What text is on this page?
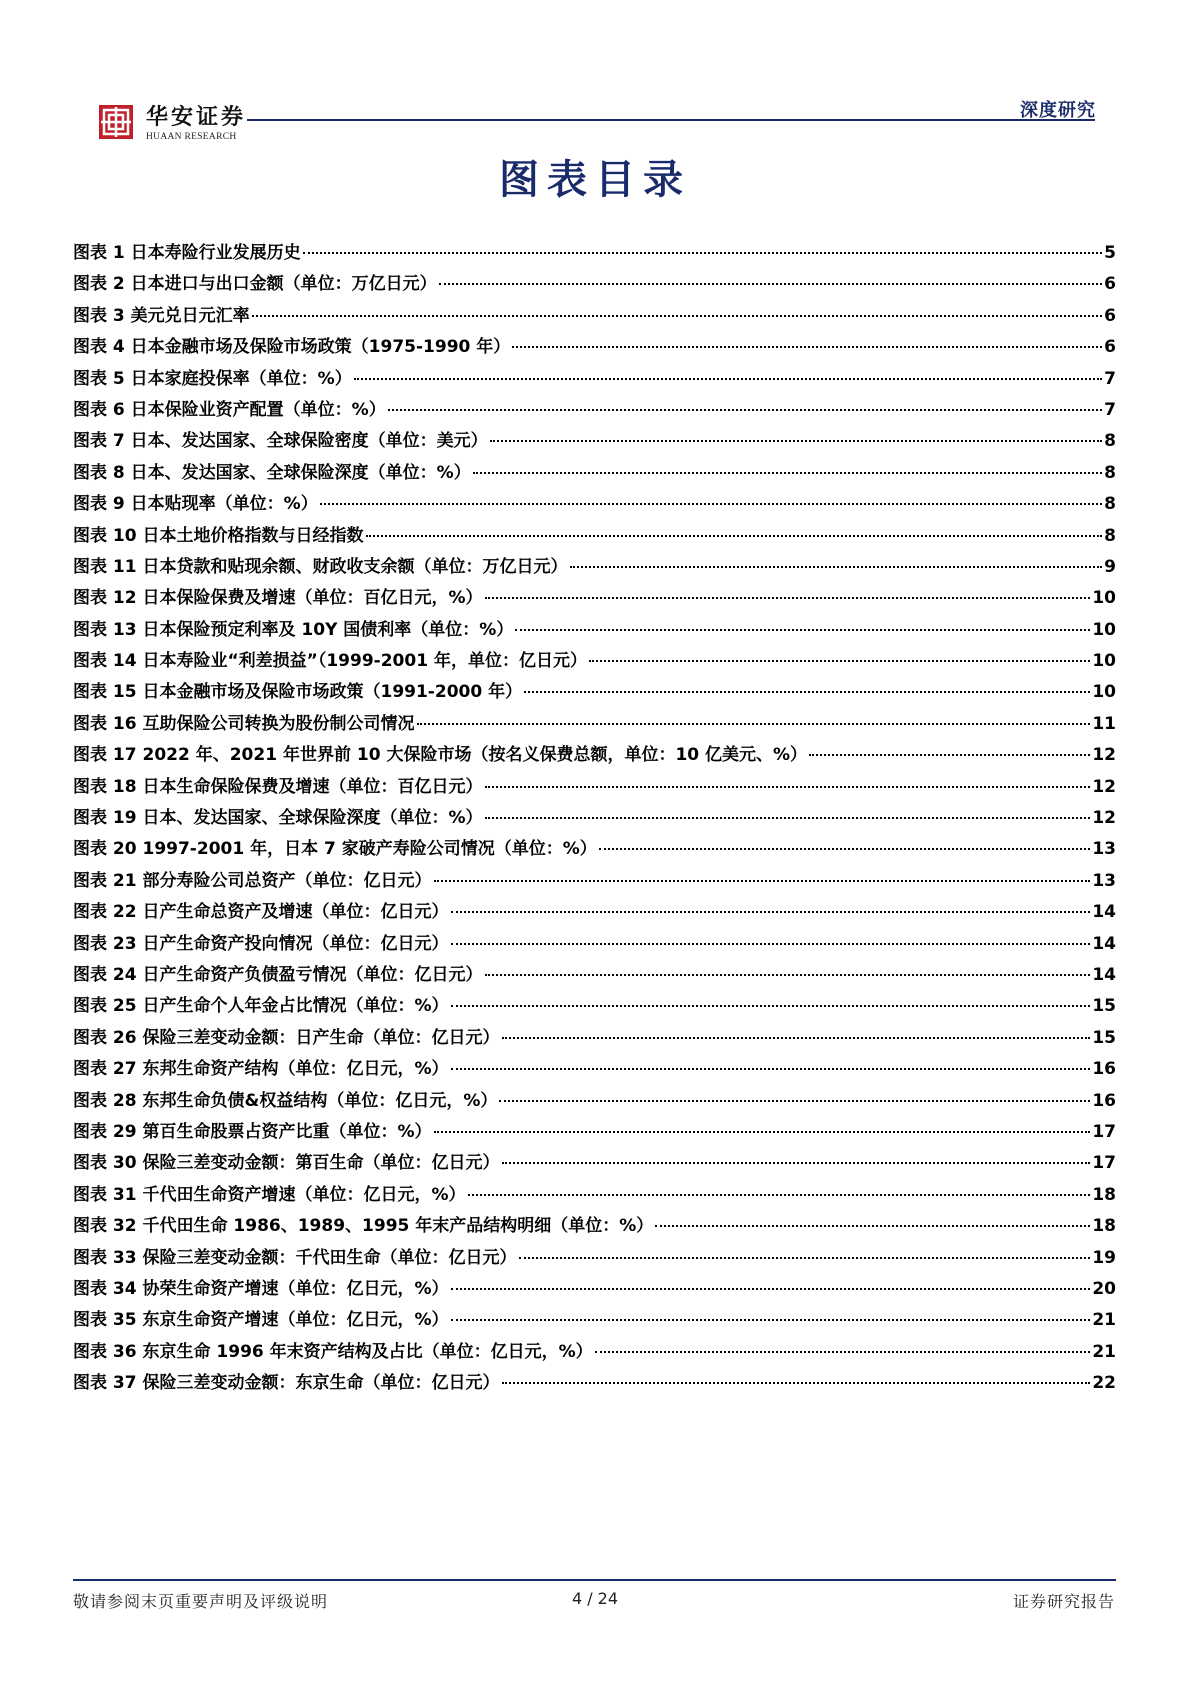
华安证券
HUAAN RESEARCH
深度研究
图表目录
图表 1 日本寿险行业发展历史	5
图表 2 日本进口与出口金额（单位：万亿日元）	6
图表 3 美元兑日元汇率	6
图表 4 日本金融市场及保险市场政策（1975-1990 年）	6
图表 5 日本家庭投保率（单位：%）	7
图表 6 日本保险业资产配置（单位：%）	7
图表 7 日本、发达国家、全球保险密度（单位：美元）	8
图表 8 日本、发达国家、全球保险深度（单位：%）	8
图表 9 日本贴现率（单位：%）	8
图表 10 日本土地价格指数与日经指数	8
图表 11 日本贷款和贴现余额、财政收支余额（单位：万亿日元）	9
图表 12 日本保险保费及增速（单位：百亿日元，%）	10
图表 13 日本保险预定利率及 10Y 国债利率（单位：%）	10
图表 14 日本寿险业“利差损益”（1999-2001 年，单位：亿日元）	10
图表 15 日本金融市场及保险市场政策（1991-2000 年）	10
图表 16 互助保险公司转换为股份制公司情况	11
图表 17 2022 年、2021 年世界前 10 大保险市场（按名义保费总额，单位：10 亿美元、%）	12
图表 18 日本生命保险保费及增速（单位：百亿日元）	12
图表 19 日本、发达国家、全球保险深度（单位：%）	12
图表 20 1997-2001 年，日本 7 家破产寿险公司情况（单位：%）	13
图表 21 部分寿险公司总资产（单位：亿日元）	13
图表 22 日产生命总资产及增速（单位：亿日元）	14
图表 23 日产生命资产投向情况（单位：亿日元）	14
图表 24 日产生命资产负债盈亏情况（单位：亿日元）	14
图表 25 日产生命个人年金占比情况（单位：%）	15
图表 26 保险三差变动金额：日产生命（单位：亿日元）	15
图表 27 东邦生命资产结构（单位：亿日元，%）	16
图表 28 东邦生命负债&权益结构（单位：亿日元，%）	16
图表 29 第百生命股票占资产比重（单位：%）	17
图表 30 保险三差变动金额：第百生命（单位：亿日元）	17
图表 31 千代田生命资产增速（单位：亿日元，%）	18
图表 32 千代田生命 1986、1989、1995 年末产品结构明细（单位：%）	18
图表 33 保险三差变动金额：千代田生命（单位：亿日元）	19
图表 34 协荣生命资产增速（单位：亿日元，%）	20
图表 35 东京生命资产增速（单位：亿日元，%）	21
图表 36 东京生命 1996 年末资产结构及占比（单位：亿日元，%）	21
图表 37 保险三差变动金额：东京生命（单位：亿日元）	22
敬请参阅末页重要声明及评级说明	4 / 24	证券研究报告
